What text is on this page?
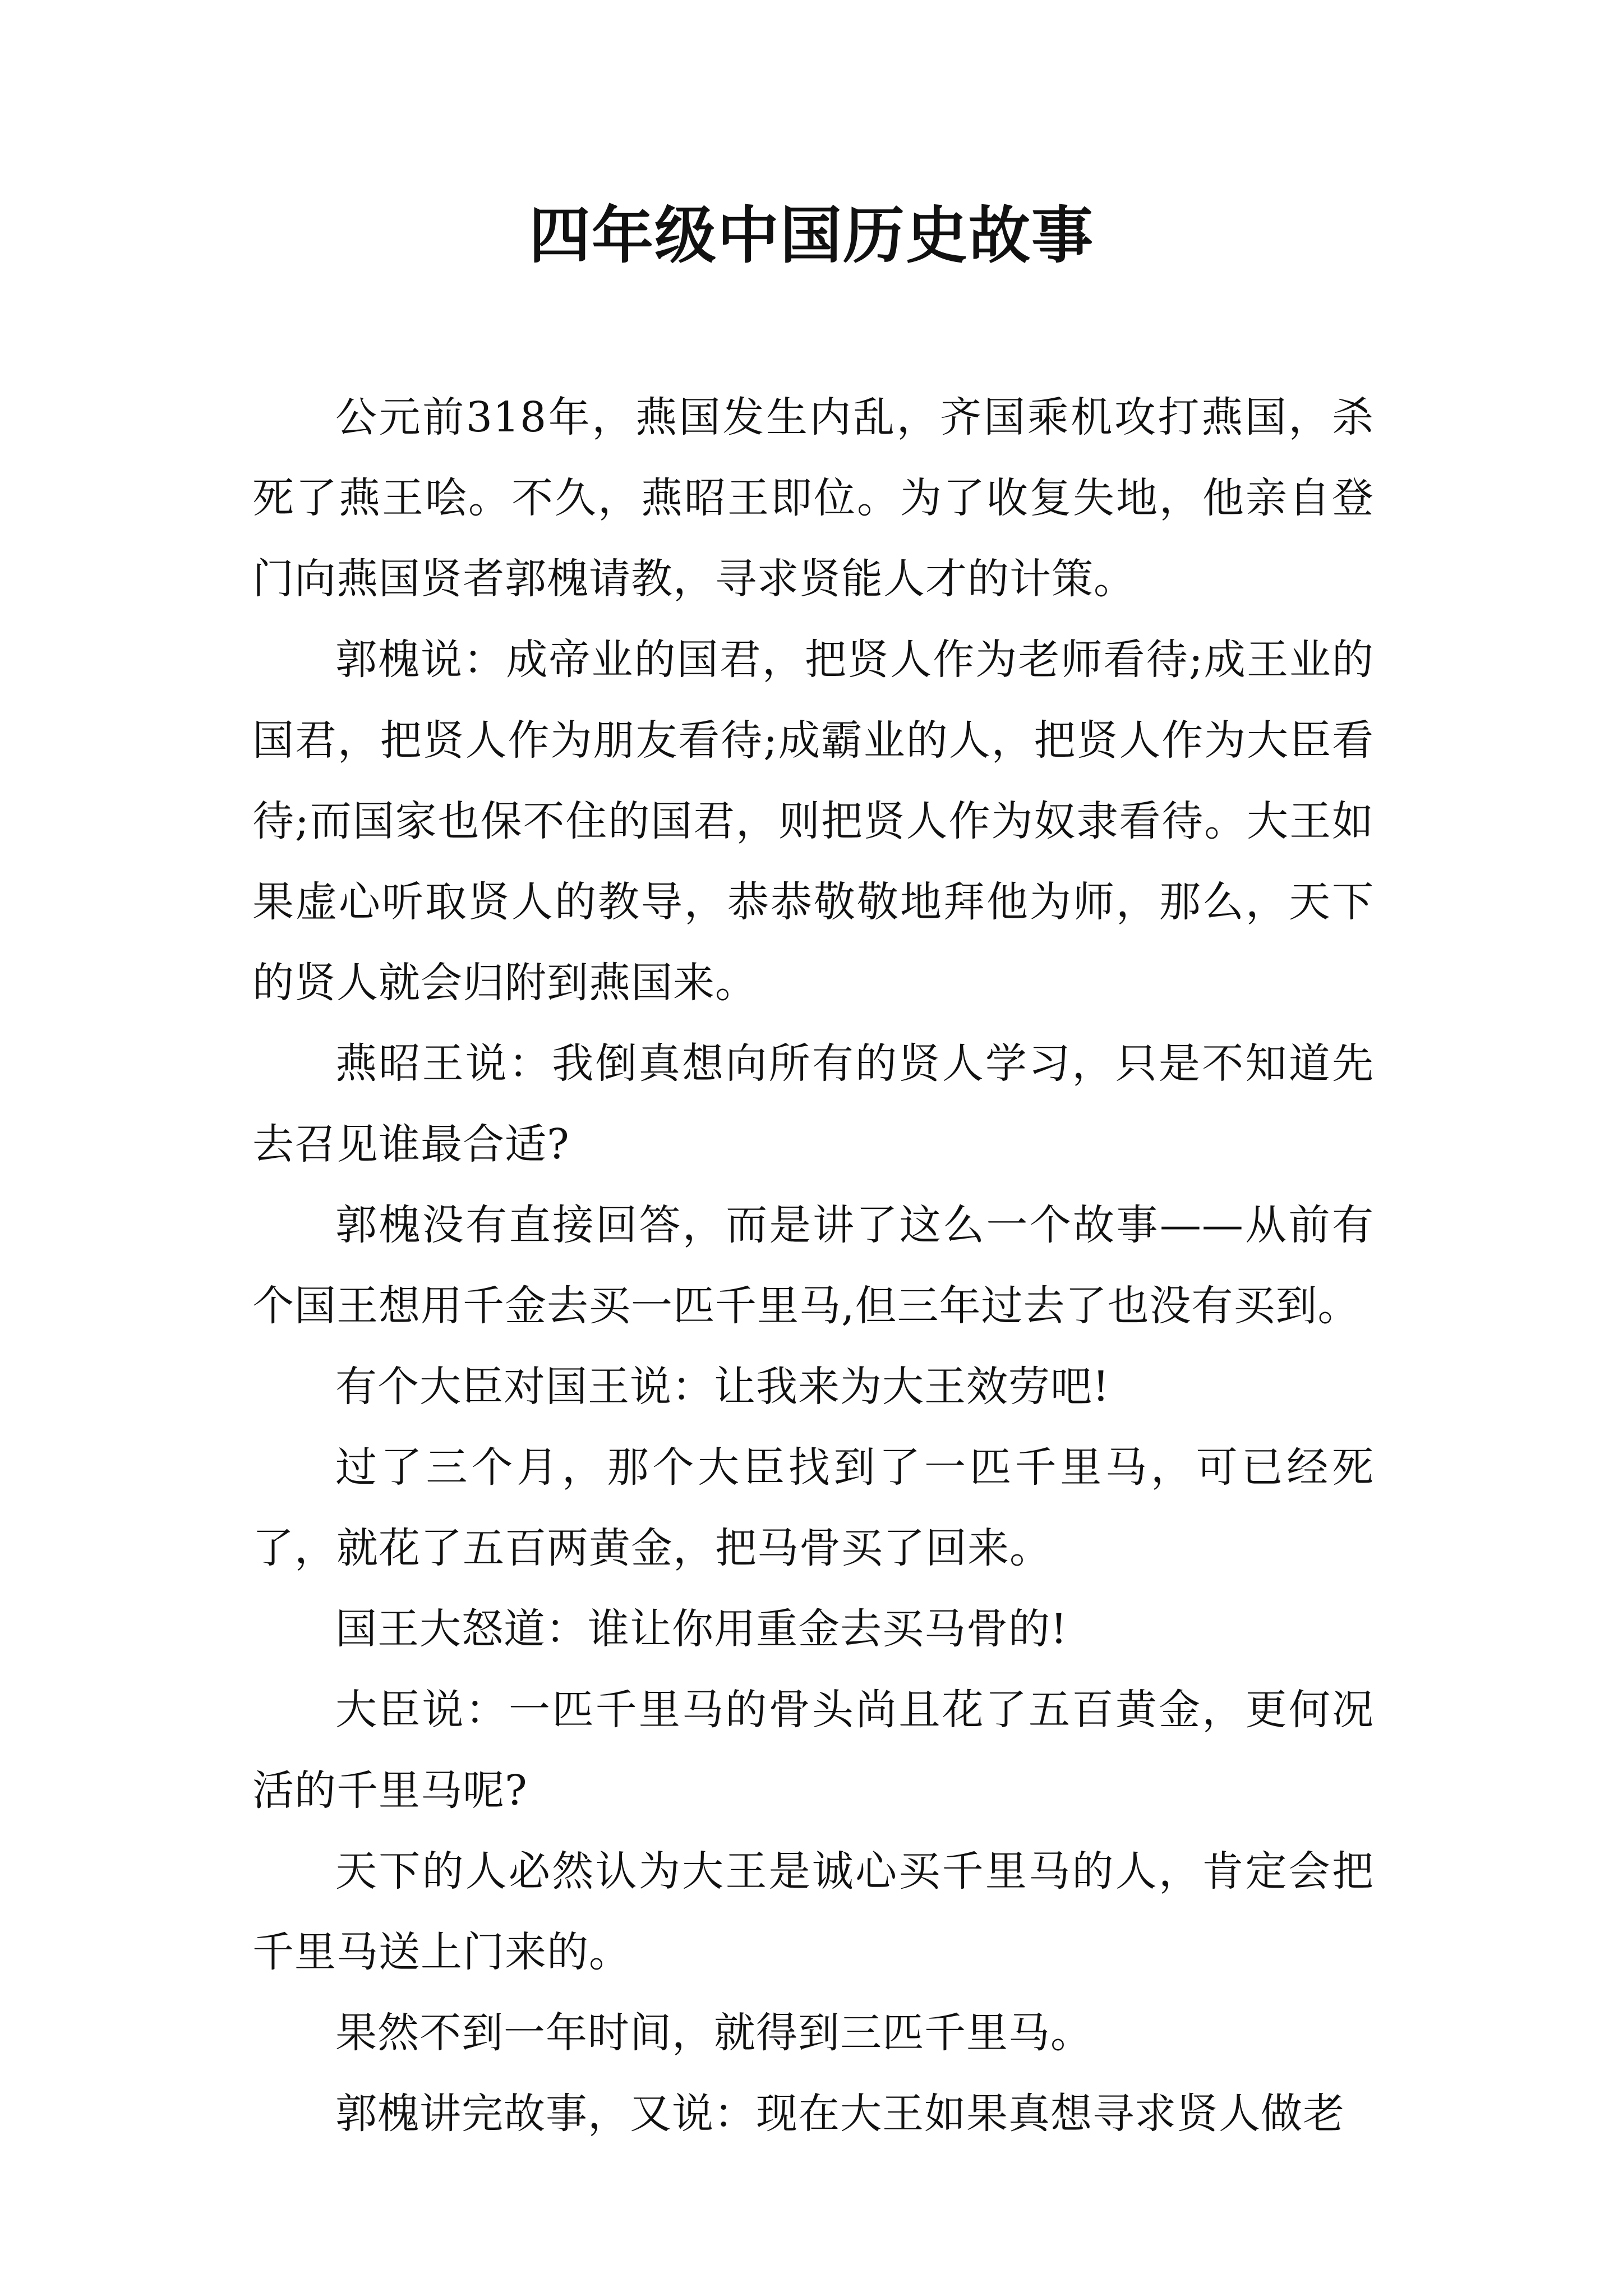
四年级中国历史故事

公元前318年，燕国发生内乱，齐国乘机攻打燕国，杀死了燕王哙。不久，燕昭王即位。为了收复失地，他亲自登门向燕国贤者郭槐请教，寻求贤能人才的计策。

郭槐说：成帝业的国君，把贤人作为老师看待;成王业的国君，把贤人作为朋友看待;成霸业的人，把贤人作为大臣看待;而国家也保不住的国君，则把贤人作为奴隶看待。大王如果虚心听取贤人的教导，恭恭敬敬地拜他为师，那么，天下的贤人就会归附到燕国来。

燕昭王说：我倒真想向所有的贤人学习，只是不知道先去召见谁最合适?

郭槐没有直接回答，而是讲了这么一个故事——从前有个国王想用千金去买一匹千里马,但三年过去了也没有买到。

有个大臣对国王说：让我来为大王效劳吧!

过了三个月，那个大臣找到了一匹千里马，可已经死了，就花了五百两黄金，把马骨买了回来。

国王大怒道：谁让你用重金去买马骨的!

大臣说：一匹千里马的骨头尚且花了五百黄金，更何况活的千里马呢?

天下的人必然认为大王是诚心买千里马的人，肯定会把千里马送上门来的。

果然不到一年时间，就得到三匹千里马。

郭槐讲完故事，又说：现在大王如果真想寻求贤人做老
